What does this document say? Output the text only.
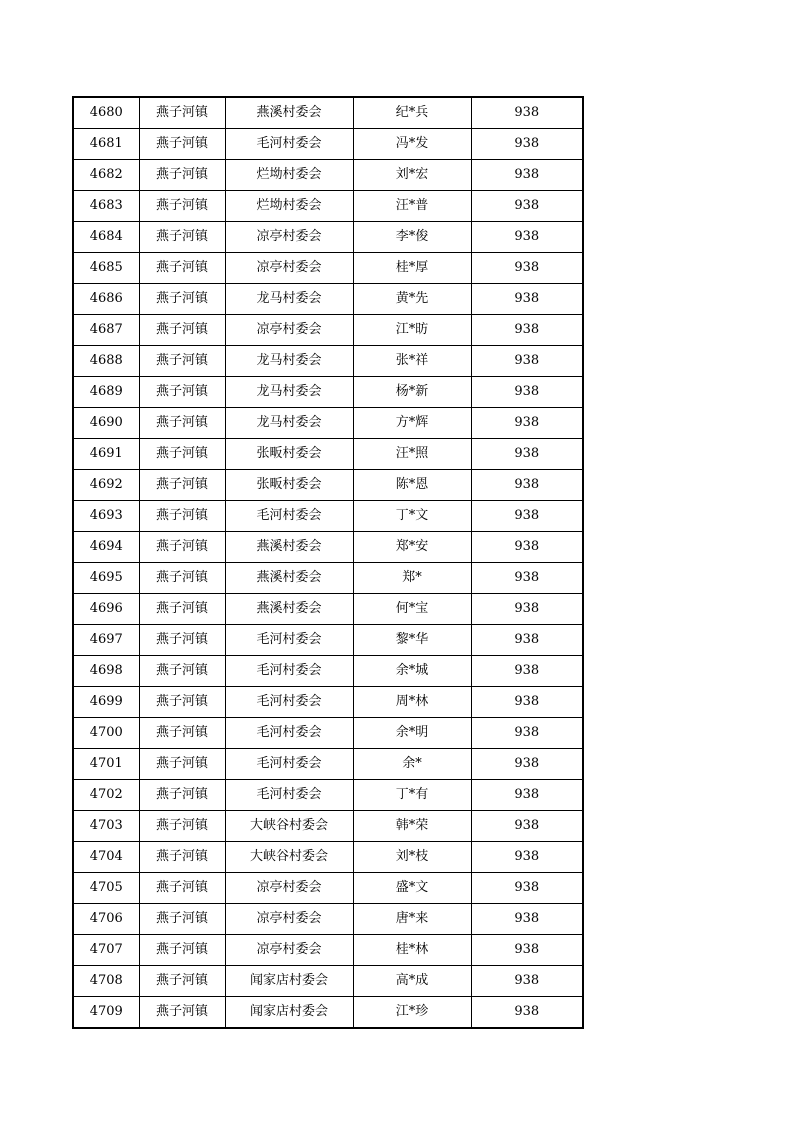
4680	燕子河镇	燕溪村委会	纪*兵	938
4681	燕子河镇	毛河村委会	冯*发	938
4682	燕子河镇	烂坳村委会	刘*宏	938
4683	燕子河镇	烂坳村委会	汪*普	938
4684	燕子河镇	凉亭村委会	李*俊	938
4685	燕子河镇	凉亭村委会	桂*厚	938
4686	燕子河镇	龙马村委会	黄*先	938
4687	燕子河镇	凉亭村委会	江*昉	938
4688	燕子河镇	龙马村委会	张*祥	938
4689	燕子河镇	龙马村委会	杨*新	938
4690	燕子河镇	龙马村委会	方*辉	938
4691	燕子河镇	张畈村委会	汪*照	938
4692	燕子河镇	张畈村委会	陈*恩	938
4693	燕子河镇	毛河村委会	丁*文	938
4694	燕子河镇	燕溪村委会	郑*安	938
4695	燕子河镇	燕溪村委会	郑*	938
4696	燕子河镇	燕溪村委会	何*宝	938
4697	燕子河镇	毛河村委会	黎*华	938
4698	燕子河镇	毛河村委会	余*城	938
4699	燕子河镇	毛河村委会	周*林	938
4700	燕子河镇	毛河村委会	余*明	938
4701	燕子河镇	毛河村委会	余*	938
4702	燕子河镇	毛河村委会	丁*有	938
4703	燕子河镇	大峡谷村委会	韩*荣	938
4704	燕子河镇	大峡谷村委会	刘*枝	938
4705	燕子河镇	凉亭村委会	盛*文	938
4706	燕子河镇	凉亭村委会	唐*来	938
4707	燕子河镇	凉亭村委会	桂*林	938
4708	燕子河镇	闻家店村委会	高*成	938
4709	燕子河镇	闻家店村委会	江*珍	938
